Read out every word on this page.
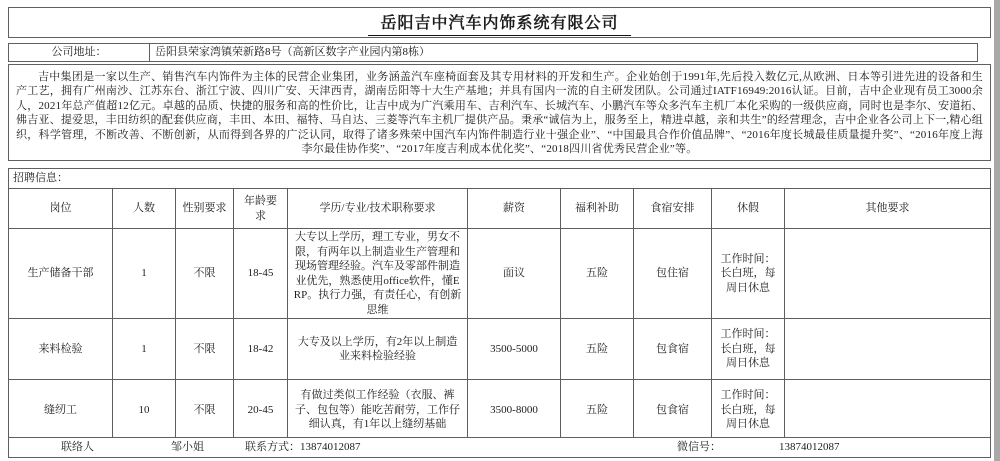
岳阳吉中汽车内饰系统有限公司
公司地址：	岳阳县荣家湾镇荣新路8号（高新区数字产业园内第8栋）
吉中集团是一家以生产、销售汽车内饰件为主体的民营企业集团，业务涵盖汽车座椅面套及其专用材料的开发和生产。企业始创于1991年,先后投入数亿元,从欧洲、日本等引进先进的设备和生产工艺，拥有广州南沙、江苏东台、浙江宁波、四川广安、天津西青，湖南岳阳等十大生产基地；并具有国内一流的自主研发团队。公司通过IATF16949:2016认证。目前，吉中企业现有员工3000余人，2021年总产值超12亿元。卓越的品质、快捷的服务和高的性价比，让吉中成为广汽乘用车、吉利汽车、长城汽车、小鹏汽车等众多汽车主机厂本化采购的一级供应商，同时也是李尔、安道拓、佛吉亚、提爱思，丰田纺织的配套供应商，丰田、本田、福特、马自达、三菱等汽车主机厂提供产品。秉承“诚信为上，服务至上，精进卓越，亲和共生”的经营理念，吉中企业各公司上下一,精心组织，科学管理，不断改善、不断创新，从而得到各界的广泛认同，取得了诸多殊荣中国汽车内饰件制造行业十强企业”、“中国最具合作价值品牌”、“2016年度长城最佳质量提升奖”、“2016年度上海李尔最佳协作奖”、“2017年度吉利成本优化奖”、“2018四川省优秀民营企业”等。
招聘信息：
岗位	人数	性别要求	年龄要求	学历/专业/技术职称要求	薪资	福利补助	食宿安排	休假	其他要求
生产储备干部	1	不限	18-45	大专以上学历，理工专业，男女不限，有两年以上制造业生产管理和现场管理经验。汽车及零部件制造业优先，熟悉使用office软件，懂ERP。执行力强，有责任心，有创新思维	面议	五险	包住宿	工作时间：长白班，每周日休息	
来料检验	1	不限	18-42	大专及以上学历，有2年以上制造业来料检验经验	3500-5000	五险	包食宿	工作时间：长白班，每周日休息	
缝纫工	10	不限	20-45	有做过类似工作经验（衣服、裤子、包包等）能吃苦耐劳，工作仔细认真，有1年以上缝纫基础	3500-8000	五险	包食宿	工作时间：长白班，每周日休息	
联络人	邹小姐	联系方式：13874012087	微信号：	13874012087
